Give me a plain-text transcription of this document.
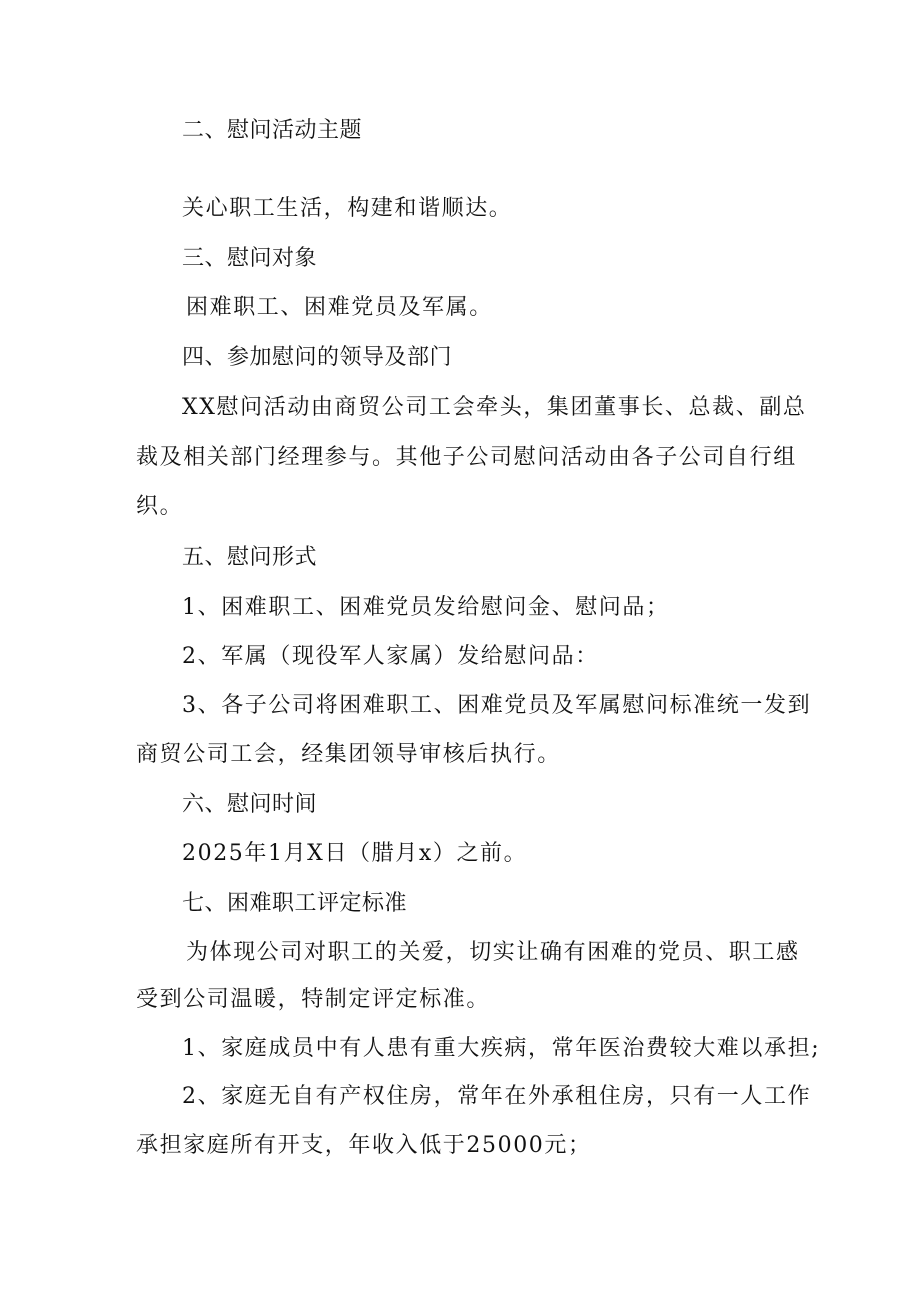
二、慰问活动主题
关心职工生活，构建和谐顺达。
三、慰问对象
困难职工、困难党员及军属。
四、参加慰问的领导及部门
XX慰问活动由商贸公司工会牵头，集团董事长、总裁、副总
裁及相关部门经理参与。其他子公司慰问活动由各子公司自行组
织。
五、慰问形式
1、困难职工、困难党员发给慰问金、慰问品；
2、军属（现役军人家属）发给慰问品：
3、各子公司将困难职工、困难党员及军属慰问标准统一发到
商贸公司工会，经集团领导审核后执行。
六、慰问时间
2025年1月X日（腊月x）之前。
七、困难职工评定标准
为体现公司对职工的关爱，切实让确有困难的党员、职工感
受到公司温暖，特制定评定标准。
1、家庭成员中有人患有重大疾病，常年医治费较大难以承担;
2、家庭无自有产权住房，常年在外承租住房，只有一人工作
承担家庭所有开支，年收入低于25000元；
